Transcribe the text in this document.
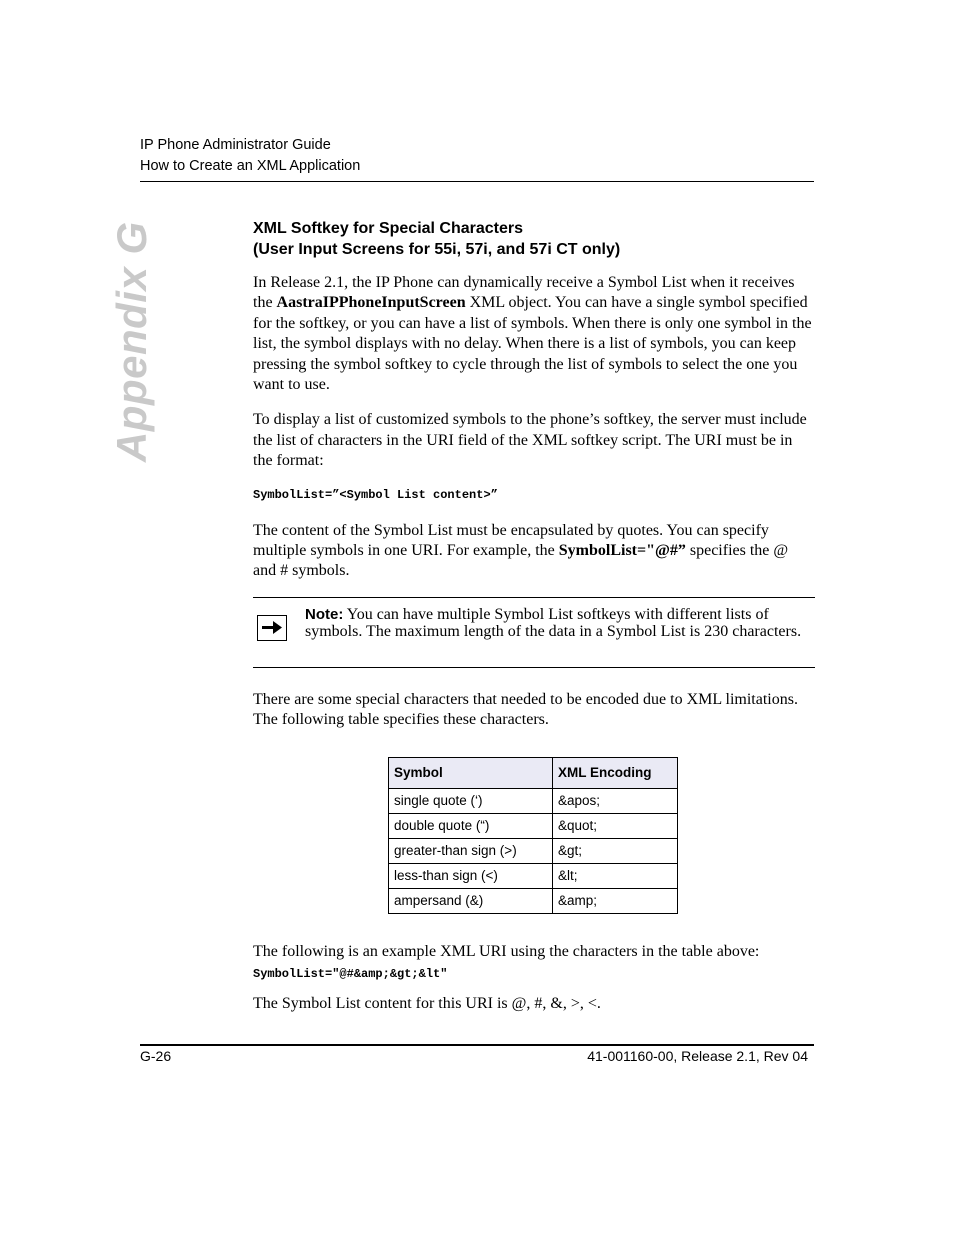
IP Phone Administrator Guide
How to Create an XML Application
Appendix G	XML Softkey for Special Characters
(User Input Screens for 55i, 57i, and 57i CT only)

In Release 2.1, the IP Phone can dynamically receive a Symbol List when it receives the AastraIPPhoneInputScreen XML object. You can have a single symbol specified for the softkey, or you can have a list of symbols. When there is only one symbol in the list, the symbol displays with no delay. When there is a list of symbols, you can keep pressing the symbol softkey to cycle through the list of symbols to select the one you want to use.

To display a list of customized symbols to the phone’s softkey, the server must include the list of characters in the URI field of the XML softkey script. The URI must be in the format:

SymbolList=”<Symbol List content>”

The content of the Symbol List must be encapsulated by quotes. You can specify multiple symbols in one URI. For example, the SymbolList="@#” specifies the @ and # symbols.

Note: You can have multiple Symbol List softkeys with different lists of symbols. The maximum length of the data in a Symbol List is 230 characters.

There are some special characters that needed to be encoded due to XML limitations. The following table specifies these characters.

Symbol	XML Encoding
single quote (‘)	&apos;
double quote (“)	&quot;
greater-than sign (>)	&gt;
less-than sign (<)	&lt;
ampersand (&)	&amp;

The following is an example XML URI using the characters in the table above:

SymbolList="@#&amp;&gt;&lt"

The Symbol List content for this URI is @, #, &, >, <.

G-26	41-001160-00, Release 2.1, Rev 04
